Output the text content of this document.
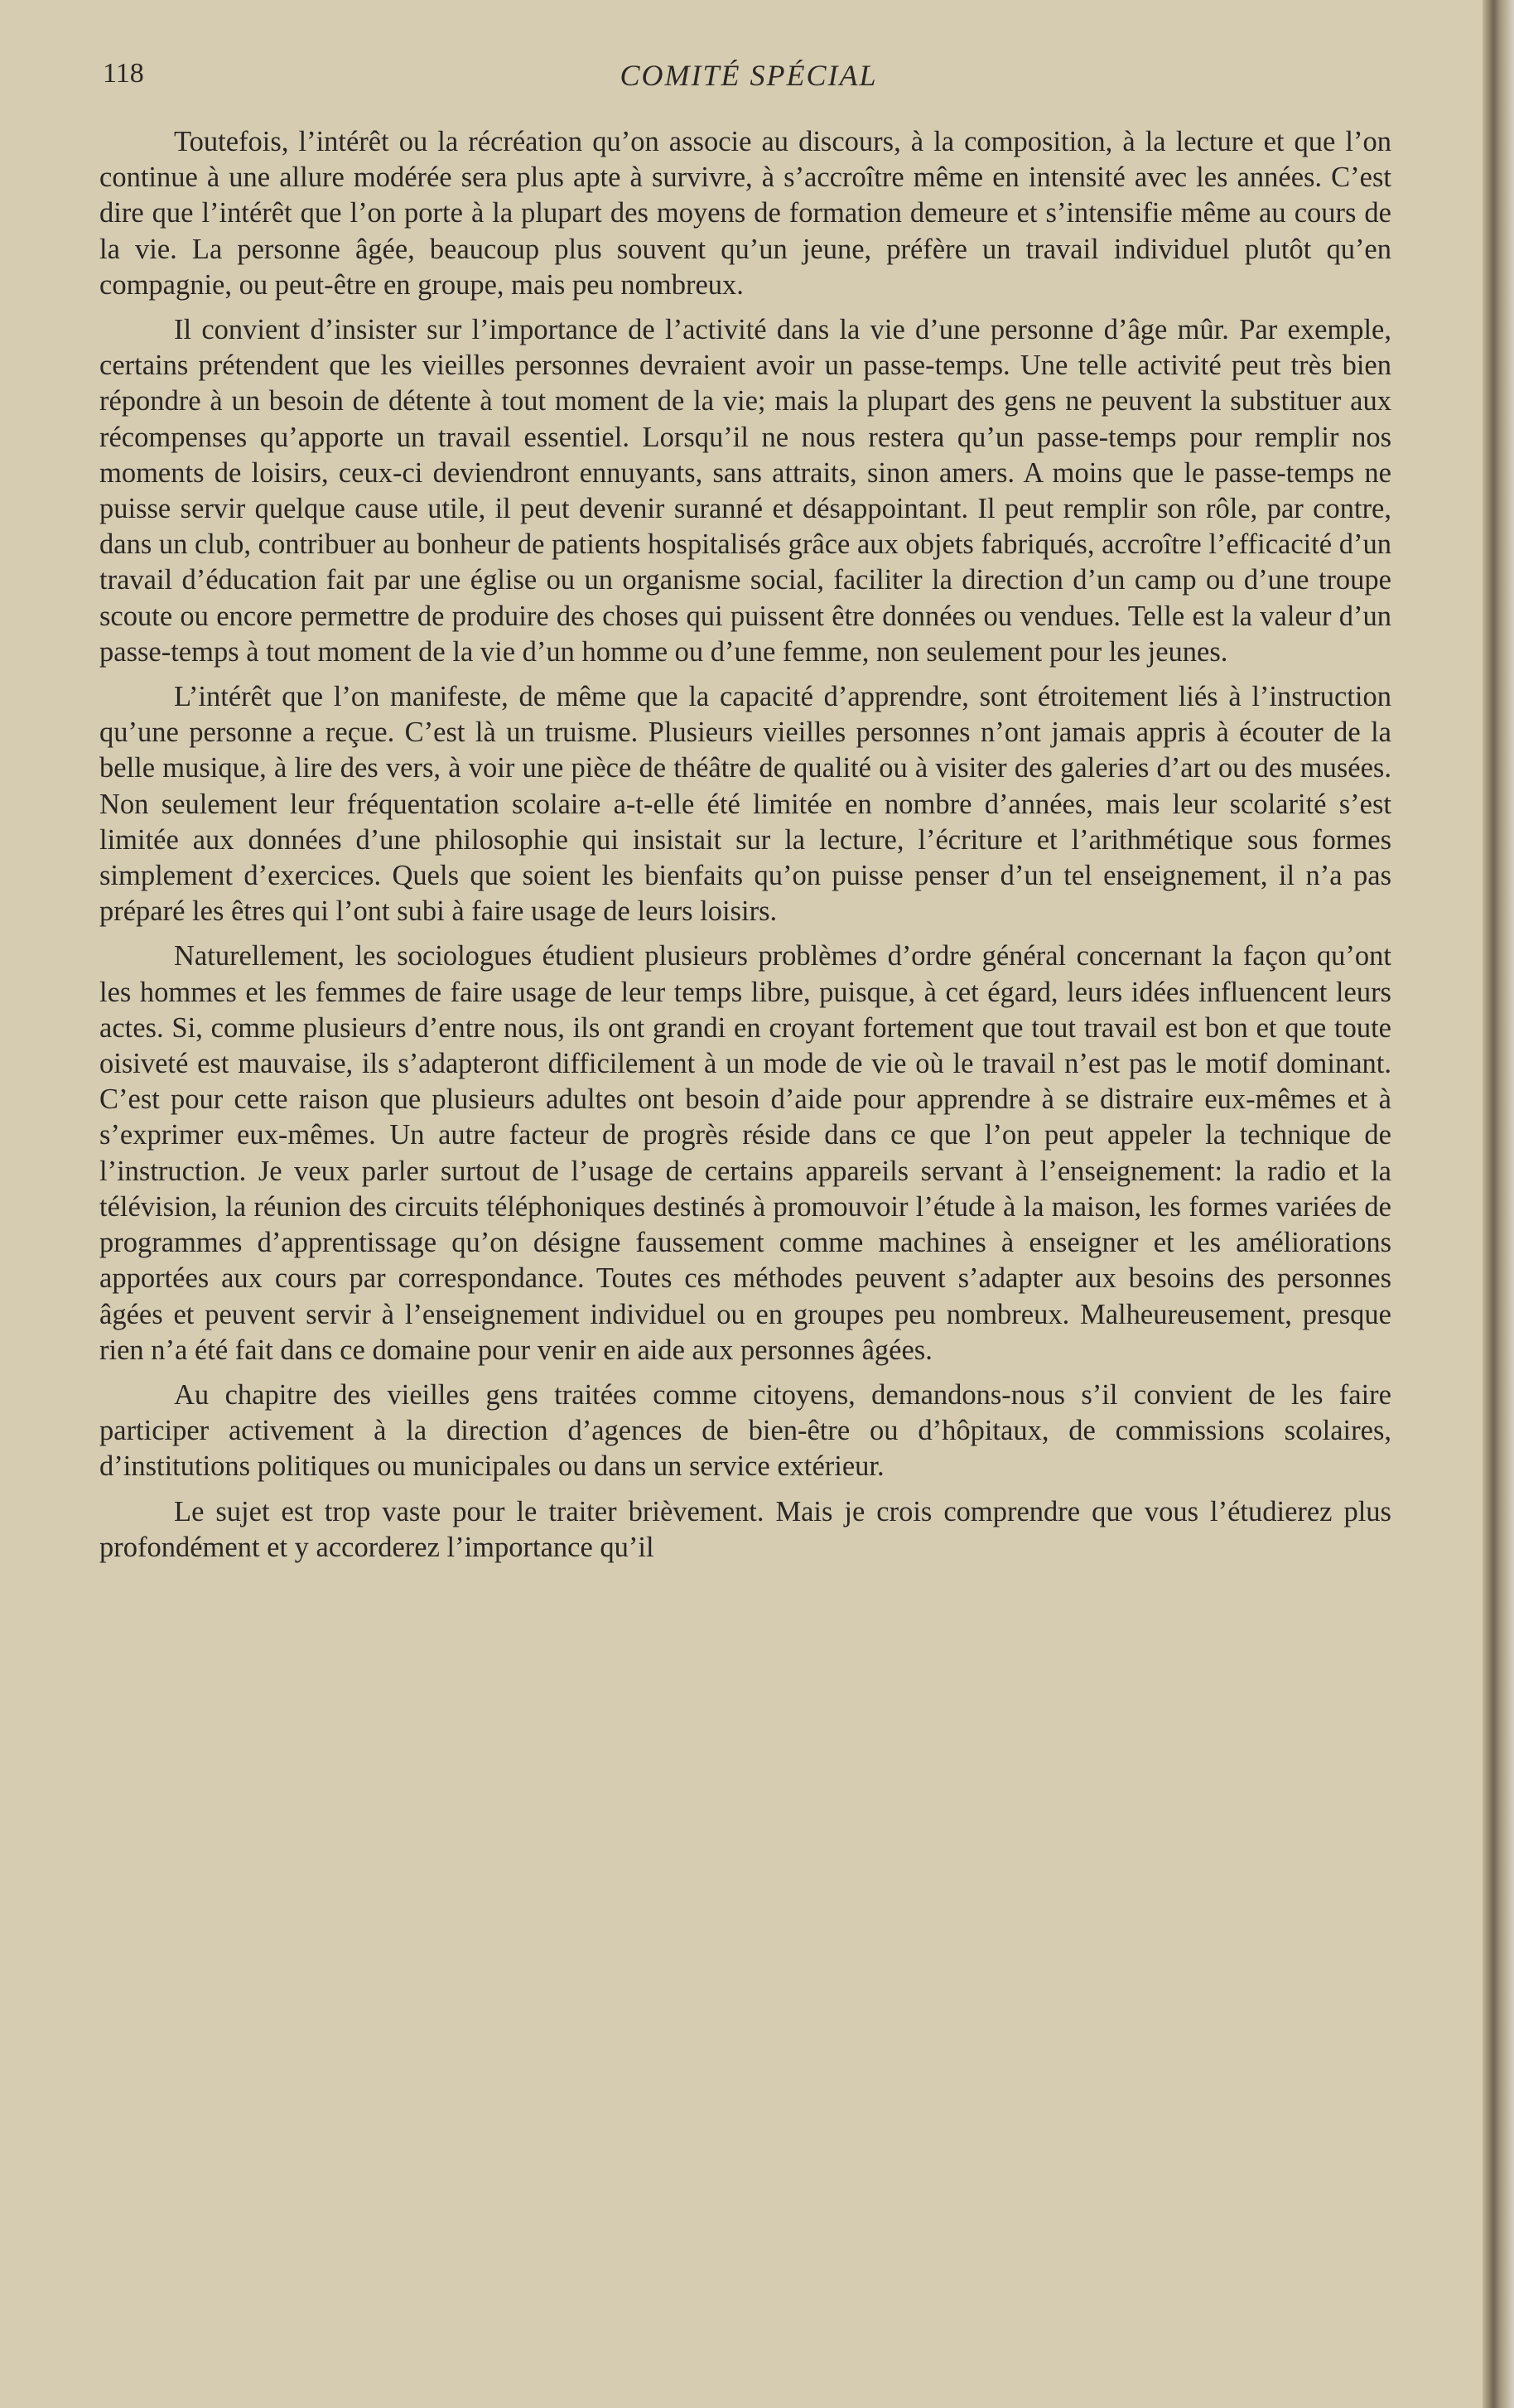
118	COMITÉ SPÉCIAL

Toutefois, l’intérêt ou la récréation qu’on associe au discours, à la composition, à la lecture et que l’on continue à une allure modérée sera plus apte à survivre, à s’accroître même en intensité avec les années. C’est dire que l’intérêt que l’on porte à la plupart des moyens de formation demeure et s’intensifie même au cours de la vie. La personne âgée, beaucoup plus souvent qu’un jeune, préfère un travail individuel plutôt qu’en compagnie, ou peut-être en groupe, mais peu nombreux.

Il convient d’insister sur l’importance de l’activité dans la vie d’une personne d’âge mûr. Par exemple, certains prétendent que les vieilles personnes devraient avoir un passe-temps. Une telle activité peut très bien répondre à un besoin de détente à tout moment de la vie; mais la plupart des gens ne peuvent la substituer aux récompenses qu’apporte un travail essentiel. Lorsqu’il ne nous restera qu’un passe-temps pour remplir nos moments de loisirs, ceux-ci deviendront ennuyants, sans attraits, sinon amers. A moins que le passe-temps ne puisse servir quelque cause utile, il peut devenir suranné et désappointant. Il peut remplir son rôle, par contre, dans un club, contribuer au bonheur de patients hospitalisés grâce aux objets fabriqués, accroître l’efficacité d’un travail d’éducation fait par une église ou un organisme social, faciliter la direction d’un camp ou d’une troupe scoute ou encore permettre de produire des choses qui puissent être données ou vendues. Telle est la valeur d’un passe-temps à tout moment de la vie d’un homme ou d’une femme, non seulement pour les jeunes.

L’intérêt que l’on manifeste, de même que la capacité d’apprendre, sont étroitement liés à l’instruction qu’une personne a reçue. C’est là un truisme. Plusieurs vieilles personnes n’ont jamais appris à écouter de la belle musique, à lire des vers, à voir une pièce de théâtre de qualité ou à visiter des galeries d’art ou des musées. Non seulement leur fréquentation scolaire a-t-elle été limitée en nombre d’années, mais leur scolarité s’est limitée aux données d’une philosophie qui insistait sur la lecture, l’écriture et l’arithmétique sous formes simplement d’exercices. Quels que soient les bienfaits qu’on puisse penser d’un tel enseignement, il n’a pas préparé les êtres qui l’ont subi à faire usage de leurs loisirs.

Naturellement, les sociologues étudient plusieurs problèmes d’ordre général concernant la façon qu’ont les hommes et les femmes de faire usage de leur temps libre, puisque, à cet égard, leurs idées influencent leurs actes. Si, comme plusieurs d’entre nous, ils ont grandi en croyant fortement que tout travail est bon et que toute oisiveté est mauvaise, ils s’adapteront difficilement à un mode de vie où le travail n’est pas le motif dominant. C’est pour cette raison que plusieurs adultes ont besoin d’aide pour apprendre à se distraire eux-mêmes et à s’exprimer eux-mêmes. Un autre facteur de progrès réside dans ce que l’on peut appeler la technique de l’instruction. Je veux parler surtout de l’usage de certains appareils servant à l’enseignement: la radio et la télévision, la réunion des circuits téléphoniques destinés à promouvoir l’étude à la maison, les formes variées de programmes d’apprentissage qu’on désigne faussement comme machines à enseigner et les améliorations apportées aux cours par correspondance. Toutes ces méthodes peuvent s’adapter aux besoins des personnes âgées et peuvent servir à l’enseignement individuel ou en groupes peu nombreux. Malheureusement, presque rien n’a été fait dans ce domaine pour venir en aide aux personnes âgées.

Au chapitre des vieilles gens traitées comme citoyens, demandons-nous s’il convient de les faire participer activement à la direction d’agences de bien-être ou d’hôpitaux, de commissions scolaires, d’institutions politiques ou municipales ou dans un service extérieur.

Le sujet est trop vaste pour le traiter brièvement. Mais je crois comprendre que vous l’étudierez plus profondément et y accorderez l’importance qu’il
